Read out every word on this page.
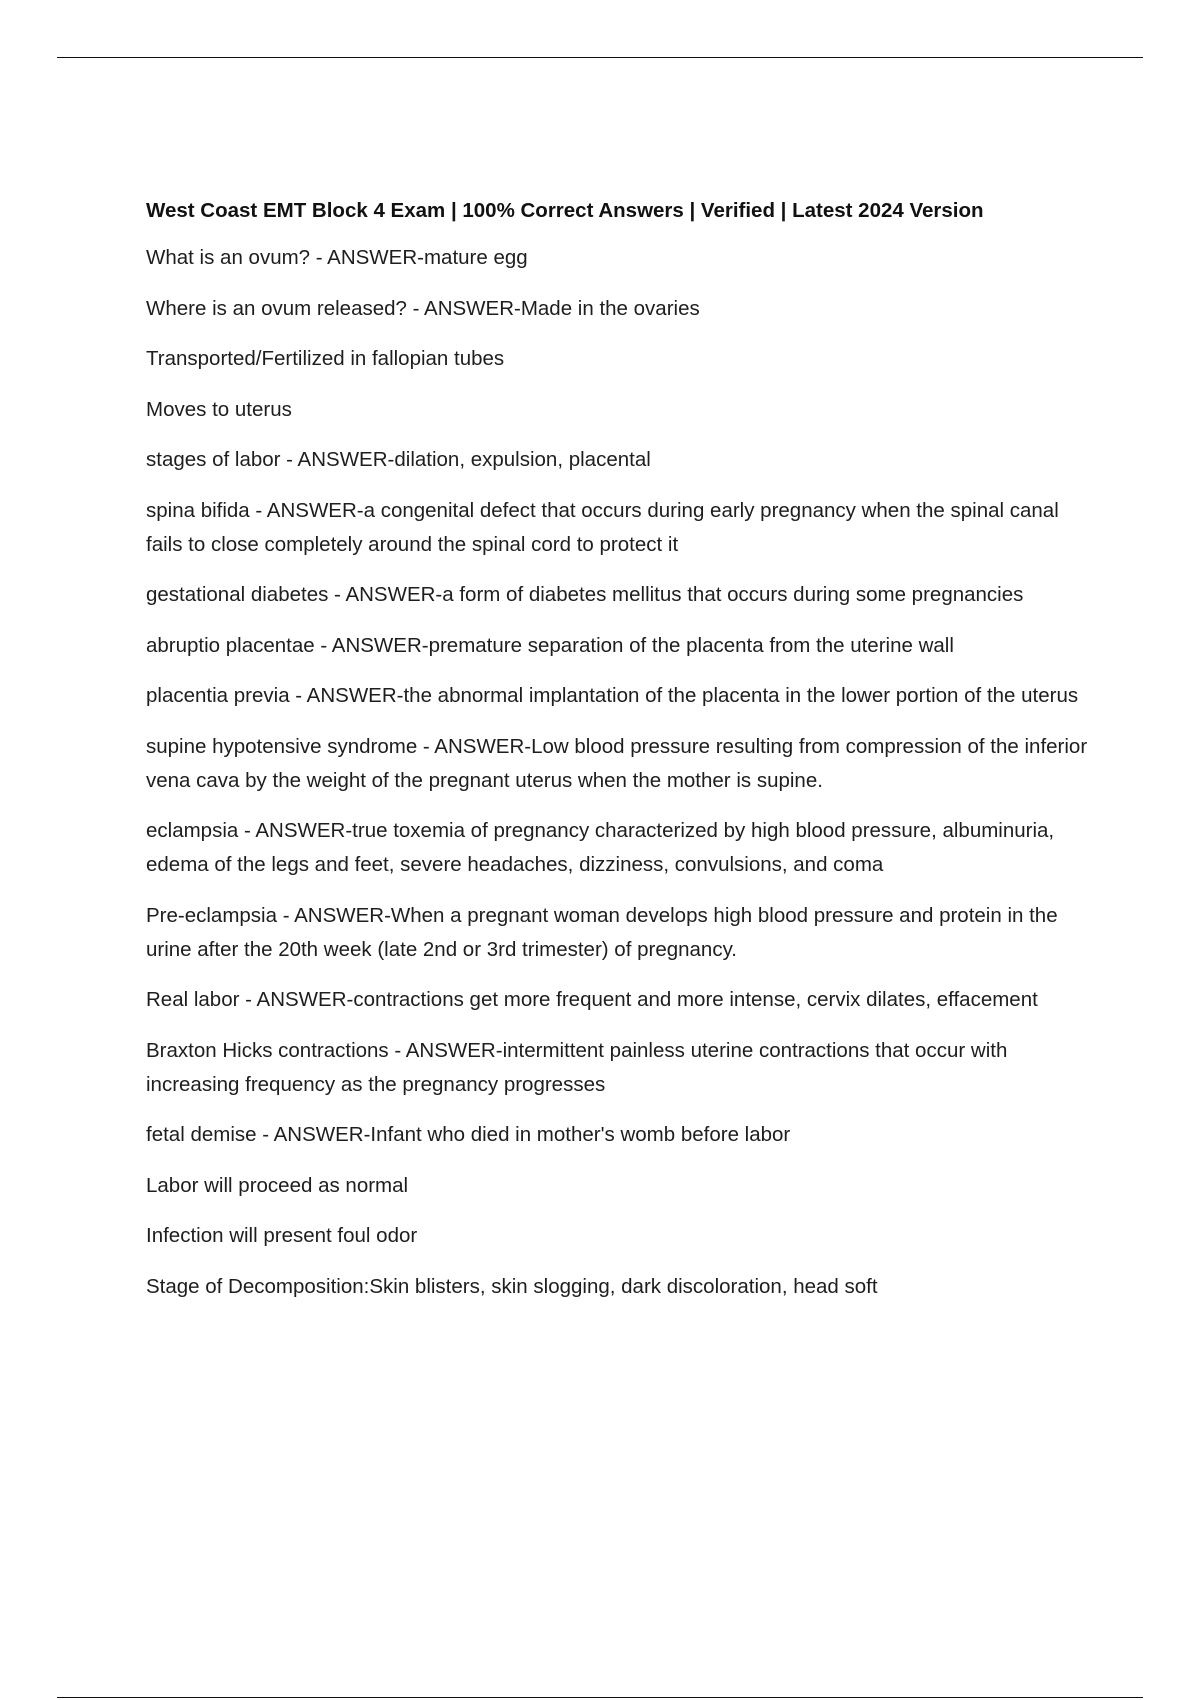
West Coast EMT Block 4 Exam | 100% Correct Answers | Verified | Latest 2024 Version
What is an ovum? - ANSWER-mature egg
Where is an ovum released? - ANSWER-Made in the ovaries
Transported/Fertilized in fallopian tubes
Moves to uterus
stages of labor - ANSWER-dilation, expulsion, placental
spina bifida - ANSWER-a congenital defect that occurs during early pregnancy when the spinal canal fails to close completely around the spinal cord to protect it
gestational diabetes - ANSWER-a form of diabetes mellitus that occurs during some pregnancies
abruptio placentae - ANSWER-premature separation of the placenta from the uterine wall
placentia previa - ANSWER-the abnormal implantation of the placenta in the lower portion of the uterus
supine hypotensive syndrome - ANSWER-Low blood pressure resulting from compression of the inferior vena cava by the weight of the pregnant uterus when the mother is supine.
eclampsia - ANSWER-true toxemia of pregnancy characterized by high blood pressure, albuminuria, edema of the legs and feet, severe headaches, dizziness, convulsions, and coma
Pre-eclampsia - ANSWER-When a pregnant woman develops high blood pressure and protein in the urine after the 20th week (late 2nd or 3rd trimester) of pregnancy.
Real labor - ANSWER-contractions get more frequent and more intense, cervix dilates, effacement
Braxton Hicks contractions - ANSWER-intermittent painless uterine contractions that occur with increasing frequency as the pregnancy progresses
fetal demise - ANSWER-Infant who died in mother's womb before labor
Labor will proceed as normal
Infection will present foul odor
Stage of Decomposition:Skin blisters, skin slogging, dark discoloration, head soft
